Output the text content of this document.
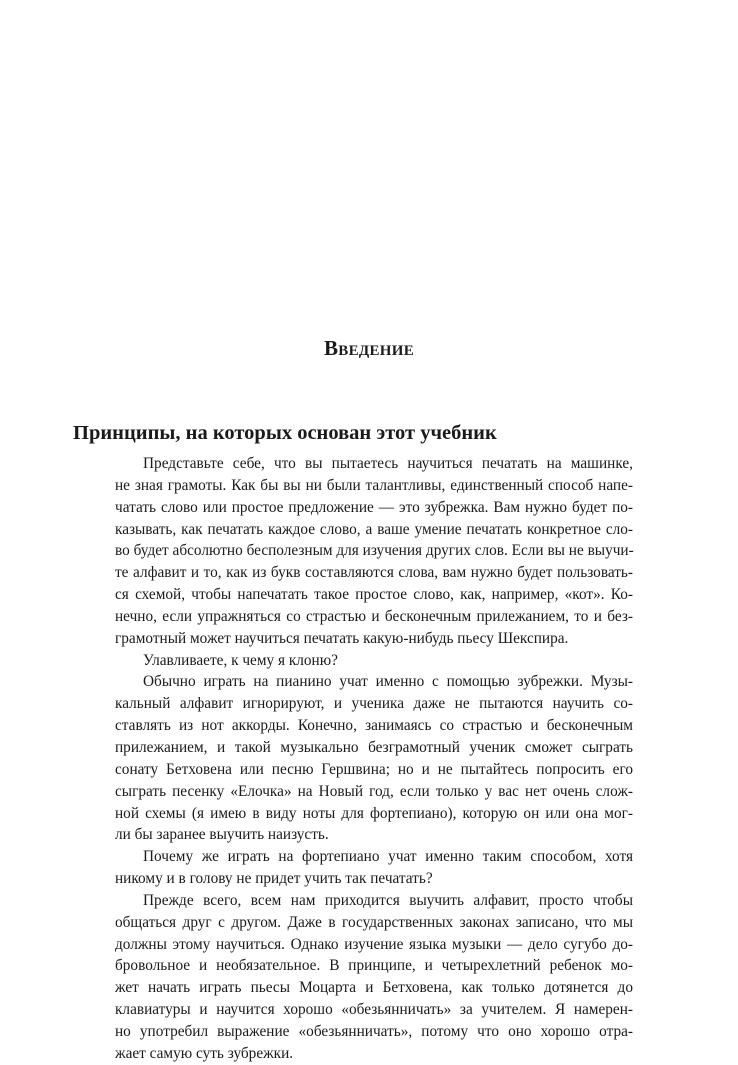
Введение
Принципы, на которых основан этот учебник

Представьте себе, что вы пытаетесь научиться печатать на машинке,
не зная грамоты. Как бы вы ни были талантливы, единственный способ напе-
чатать слово или простое предложение — это зубрежка. Вам нужно будет по-
казывать, как печатать каждое слово, а ваше умение печатать конкретное сло-
во будет абсолютно бесполезным для изучения других слов. Если вы не выучи-
те алфавит и то, как из букв составляются слова, вам нужно будет пользовать-
ся схемой, чтобы напечатать такое простое слово, как, например, «кот». Ко-
нечно, если упражняться со страстью и бесконечным прилежанием, то и без-
грамотный может научиться печатать какую-нибудь пьесу Шекспира.

Улавливаете, к чему я клоню?

Обычно играть на пианино учат именно с помощью зубрежки. Музы-
кальный алфавит игнорируют, и ученика даже не пытаются научить со-
ставлять из нот аккорды. Конечно, занимаясь со страстью и бесконечным
прилежанием, и такой музыкально безграмотный ученик сможет сыграть
сонату Бетховена или песню Гершвина; но и не пытайтесь попросить его
сыграть песенку «Елочка» на Новый год, если только у вас нет очень слож-
ной схемы (я имею в виду ноты для фортепиано), которую он или она мог-
ли бы заранее выучить наизусть.

Почему же играть на фортепиано учат именно таким способом, хотя
никому и в голову не придет учить так печатать?

Прежде всего, всем нам приходится выучить алфавит, просто чтобы
общаться друг с другом. Даже в государственных законах записано, что мы
должны этому научиться. Однако изучение языка музыки — дело сугубо до-
бровольное и необязательное. В принципе, и четырехлетний ребенок мо-
жет начать играть пьесы Моцарта и Бетховена, как только дотянется до
клавиатуры и научится хорошо «обезьянничать» за учителем. Я намерен-
но употребил выражение «обезьянничать», потому что оно хорошо отра-
жает самую суть зубрежки.
